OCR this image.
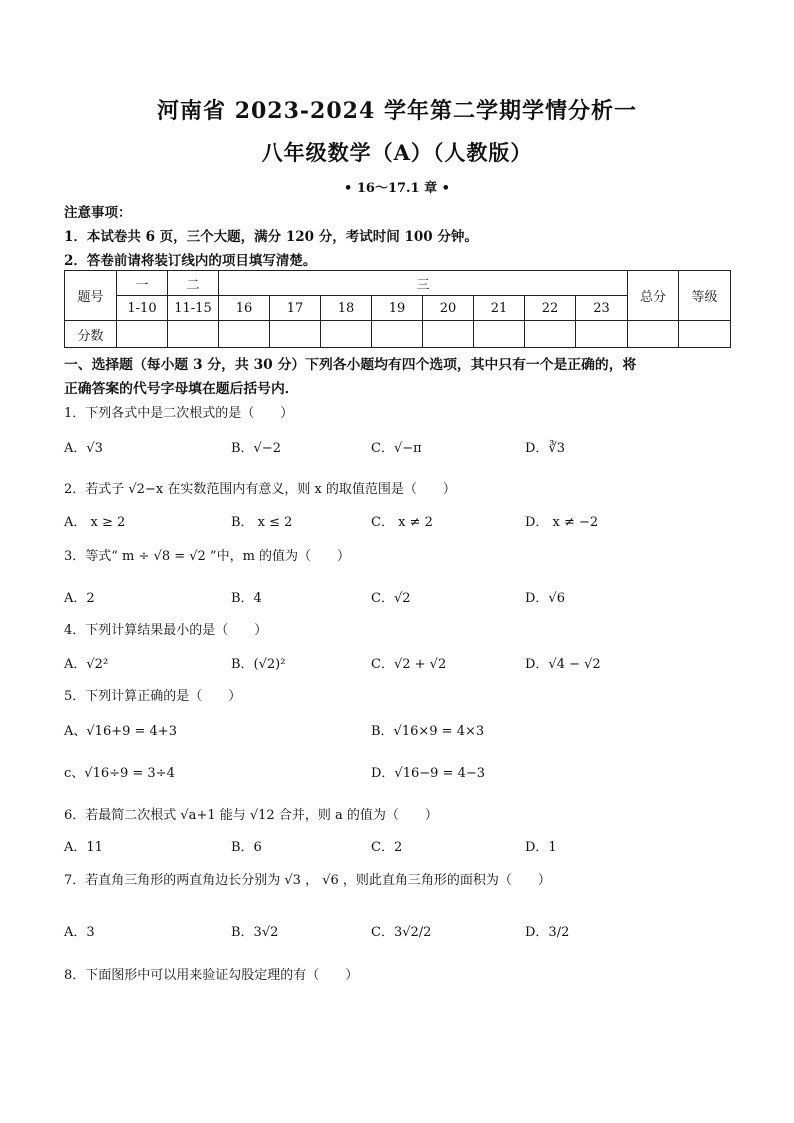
河南省 2023-2024 学年第二学期学情分析一
八年级数学（A）（人教版）
• 16～17.1 章 •
注意事项：
1．本试卷共 6 页，三个大题，满分 120 分，考试时间 100 分钟。
2．答卷前请将装订线内的项目填写清楚。
题号	一	二	三								总分	等级
	1-10	11-15	16	17	18	19	20	21	22	23		
分数												
一、选择题（每小题 3 分，共 30 分）下列各小题均有四个选项，其中只有一个是正确的，将
正确答案的代号字母填在题后括号内．
1．下列各式中是二次根式的是（　　）
A．√3	B．√−2	C．√−π	D．∛3
2．若式子 √2−x 在实数范围内有意义，则 x 的取值范围是（　　）
A． x ≥ 2	B． x ≤ 2	C． x ≠ 2	D． x ≠ −2
3．等式“ m ÷ √8 = √2 ”中，m 的值为（　　）
A．2	B．4	C．√2	D．√6
4．下列计算结果最小的是（　　）
A．√2²	B．(√2)²	C．√2 + √2	D．√4 − √2
5．下列计算正确的是（　　）
A、√16+9 = 4+3	B．√16×9 = 4×3
c、√16÷9 = 3÷4	D．√16−9 = 4−3
6．若最简二次根式 √a+1 能与 √12 合并，则 a 的值为（　　）
A．11	B．6	C．2	D．1
7．若直角三角形的两直角边长分别为 √3 ， √6 ，则此直角三角形的面积为（　　）
A．3	B．3√2	C．3√2/2	D．3/2
8．下面图形中可以用来验证勾股定理的有（　　）
